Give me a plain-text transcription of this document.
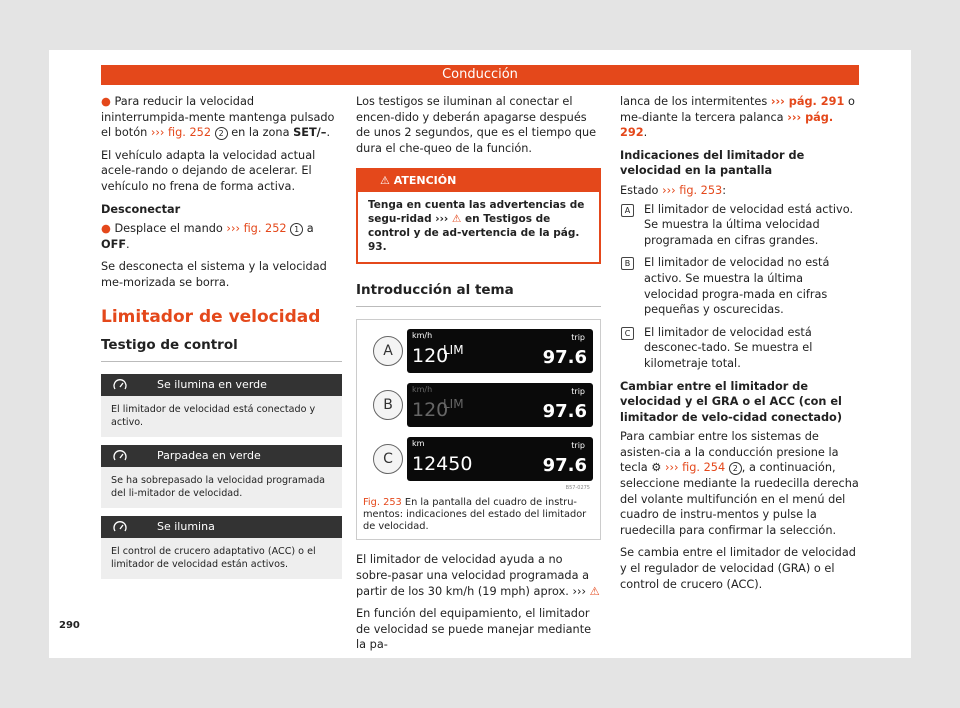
Conducción

● Para reducir la velocidad ininterrumpida-mente mantenga pulsado el botón ››› fig. 252 2 en la zona SET/–.

El vehículo adapta la velocidad actual acele-rando o dejando de acelerar. El vehículo no frena de forma activa.

Desconectar

● Desplace el mando ››› fig. 252 1 a OFF.

Se desconecta el sistema y la velocidad me-morizada se borra.

Limitador de velocidad
Testigo de control
Se ilumina en verde
El limitador de velocidad está conectado y activo.
Parpadea en verde
Se ha sobrepasado la velocidad programada del li-mitador de velocidad.
Se ilumina
El control de crucero adaptativo (ACC) o el limitador de velocidad están activos.

Los testigos se iluminan al conectar el encen-dido y deberán apagarse después de unos 2 segundos, que es el tiempo que dura el che-queo de la función.

⚠ ATENCIÓN
Tenga en cuenta las advertencias de segu-ridad ››› ⚠ en Testigos de control y de ad-vertencia de la pág. 93.
Introducción al tema
A
km/h
120
LIM
trip
97.6
B
km/h
120
LIM
trip
97.6
C
km
12450
trip
97.6
B57-0275
Fig. 253 En la pantalla del cuadro de instru-mentos: indicaciones del estado del limitador de velocidad.

El limitador de velocidad ayuda a no sobre-pasar una velocidad programada a partir de los 30 km/h (19 mph) aprox. ››› ⚠

En función del equipamiento, el limitador de velocidad se puede manejar mediante la pa-

lanca de los intermitentes ››› pág. 291 o me-diante la tercera palanca ››› pág. 292.

Indicaciones del limitador de velocidad en la pantalla

Estado ››› fig. 253:

A	El limitador de velocidad está activo. Se muestra la última velocidad programada en cifras grandes.
B	El limitador de velocidad no está activo. Se muestra la última velocidad progra-mada en cifras pequeñas y oscurecidas.
C	El limitador de velocidad está desconec-tado. Se muestra el kilometraje total.

Cambiar entre el limitador de velocidad y el GRA o el ACC (con el limitador de velo-cidad conectado)

Para cambiar entre los sistemas de asisten-cia a la conducción presione la tecla ⚙ ››› fig. 254 2 , a continuación, seleccione mediante la ruedecilla derecha del volante multifunción en el menú del cuadro de instru-mentos y pulse la ruedecilla para confirmar la selección.

Se cambia entre el limitador de velocidad y el regulador de velocidad (GRA) o el control de crucero (ACC).

290
